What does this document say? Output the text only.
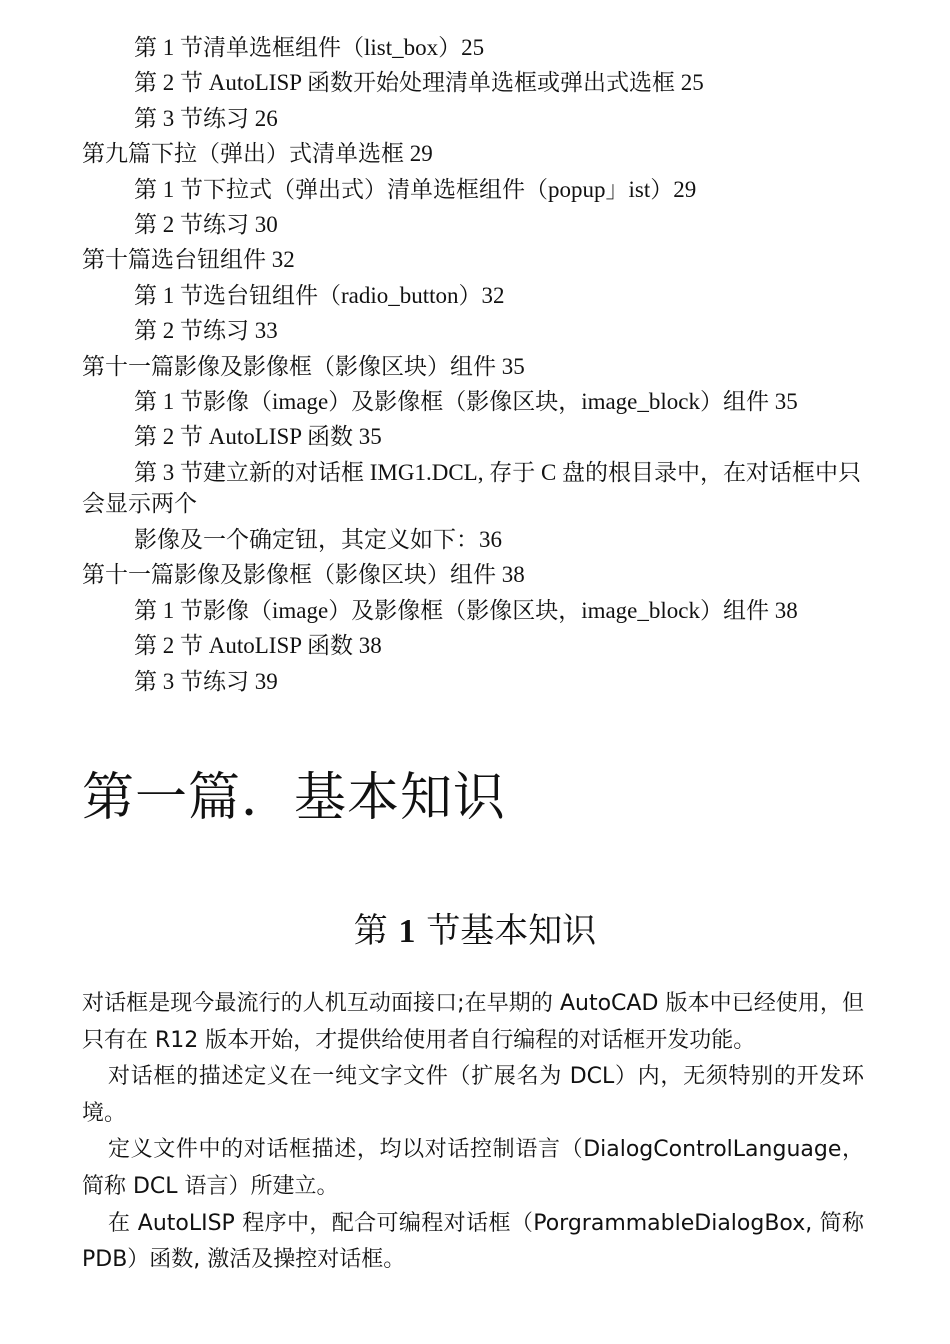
第 1 节清单选框组件（list_box）25
第 2 节 AutoLISP 函数开始处理清单选框或弹出式选框 25
第 3 节练习 26
第九篇下拉（弹出）式清单选框 29
第 1 节下拉式（弹出式）清单选框组件（popup」ist）29
第 2 节练习 30
第十篇选台钮组件 32
第 1 节选台钮组件（radio_button）32
第 2 节练习 33
第十一篇影像及影像框（影像区块）组件 35
第 1 节影像（image）及影像框（影像区块，image_block）组件 35
第 2 节 AutoLISP 函数 35
第 3 节建立新的对话框 IMG1.DCL, 存于 C 盘的根目录中，在对话框中只会显示两个
影像及一个确定钮，其定义如下：36
第十一篇影像及影像框（影像区块）组件 38
第 1 节影像（image）及影像框（影像区块，image_block）组件 38
第 2 节 AutoLISP 函数 38
第 3 节练习 39
第一篇．基本知识
第 1 节基本知识

对话框是现今最流行的人机互动面接口;在早期的 AutoCAD 版本中已经使用，但只有在 R12 版本开始，才提供给使用者自行编程的对话框开发功能。

对话框的描述定义在一纯文字文件（扩展名为 DCL）内，无须特别的开发环境。

定义文件中的对话框描述，均以对话控制语言（DialogControlLanguage，简称 DCL 语言）所建立。

在 AutoLISP 程序中，配合可编程对话框（PorgrammableDialogBox, 简称 PDB）函数, 激活及操控对话框。
